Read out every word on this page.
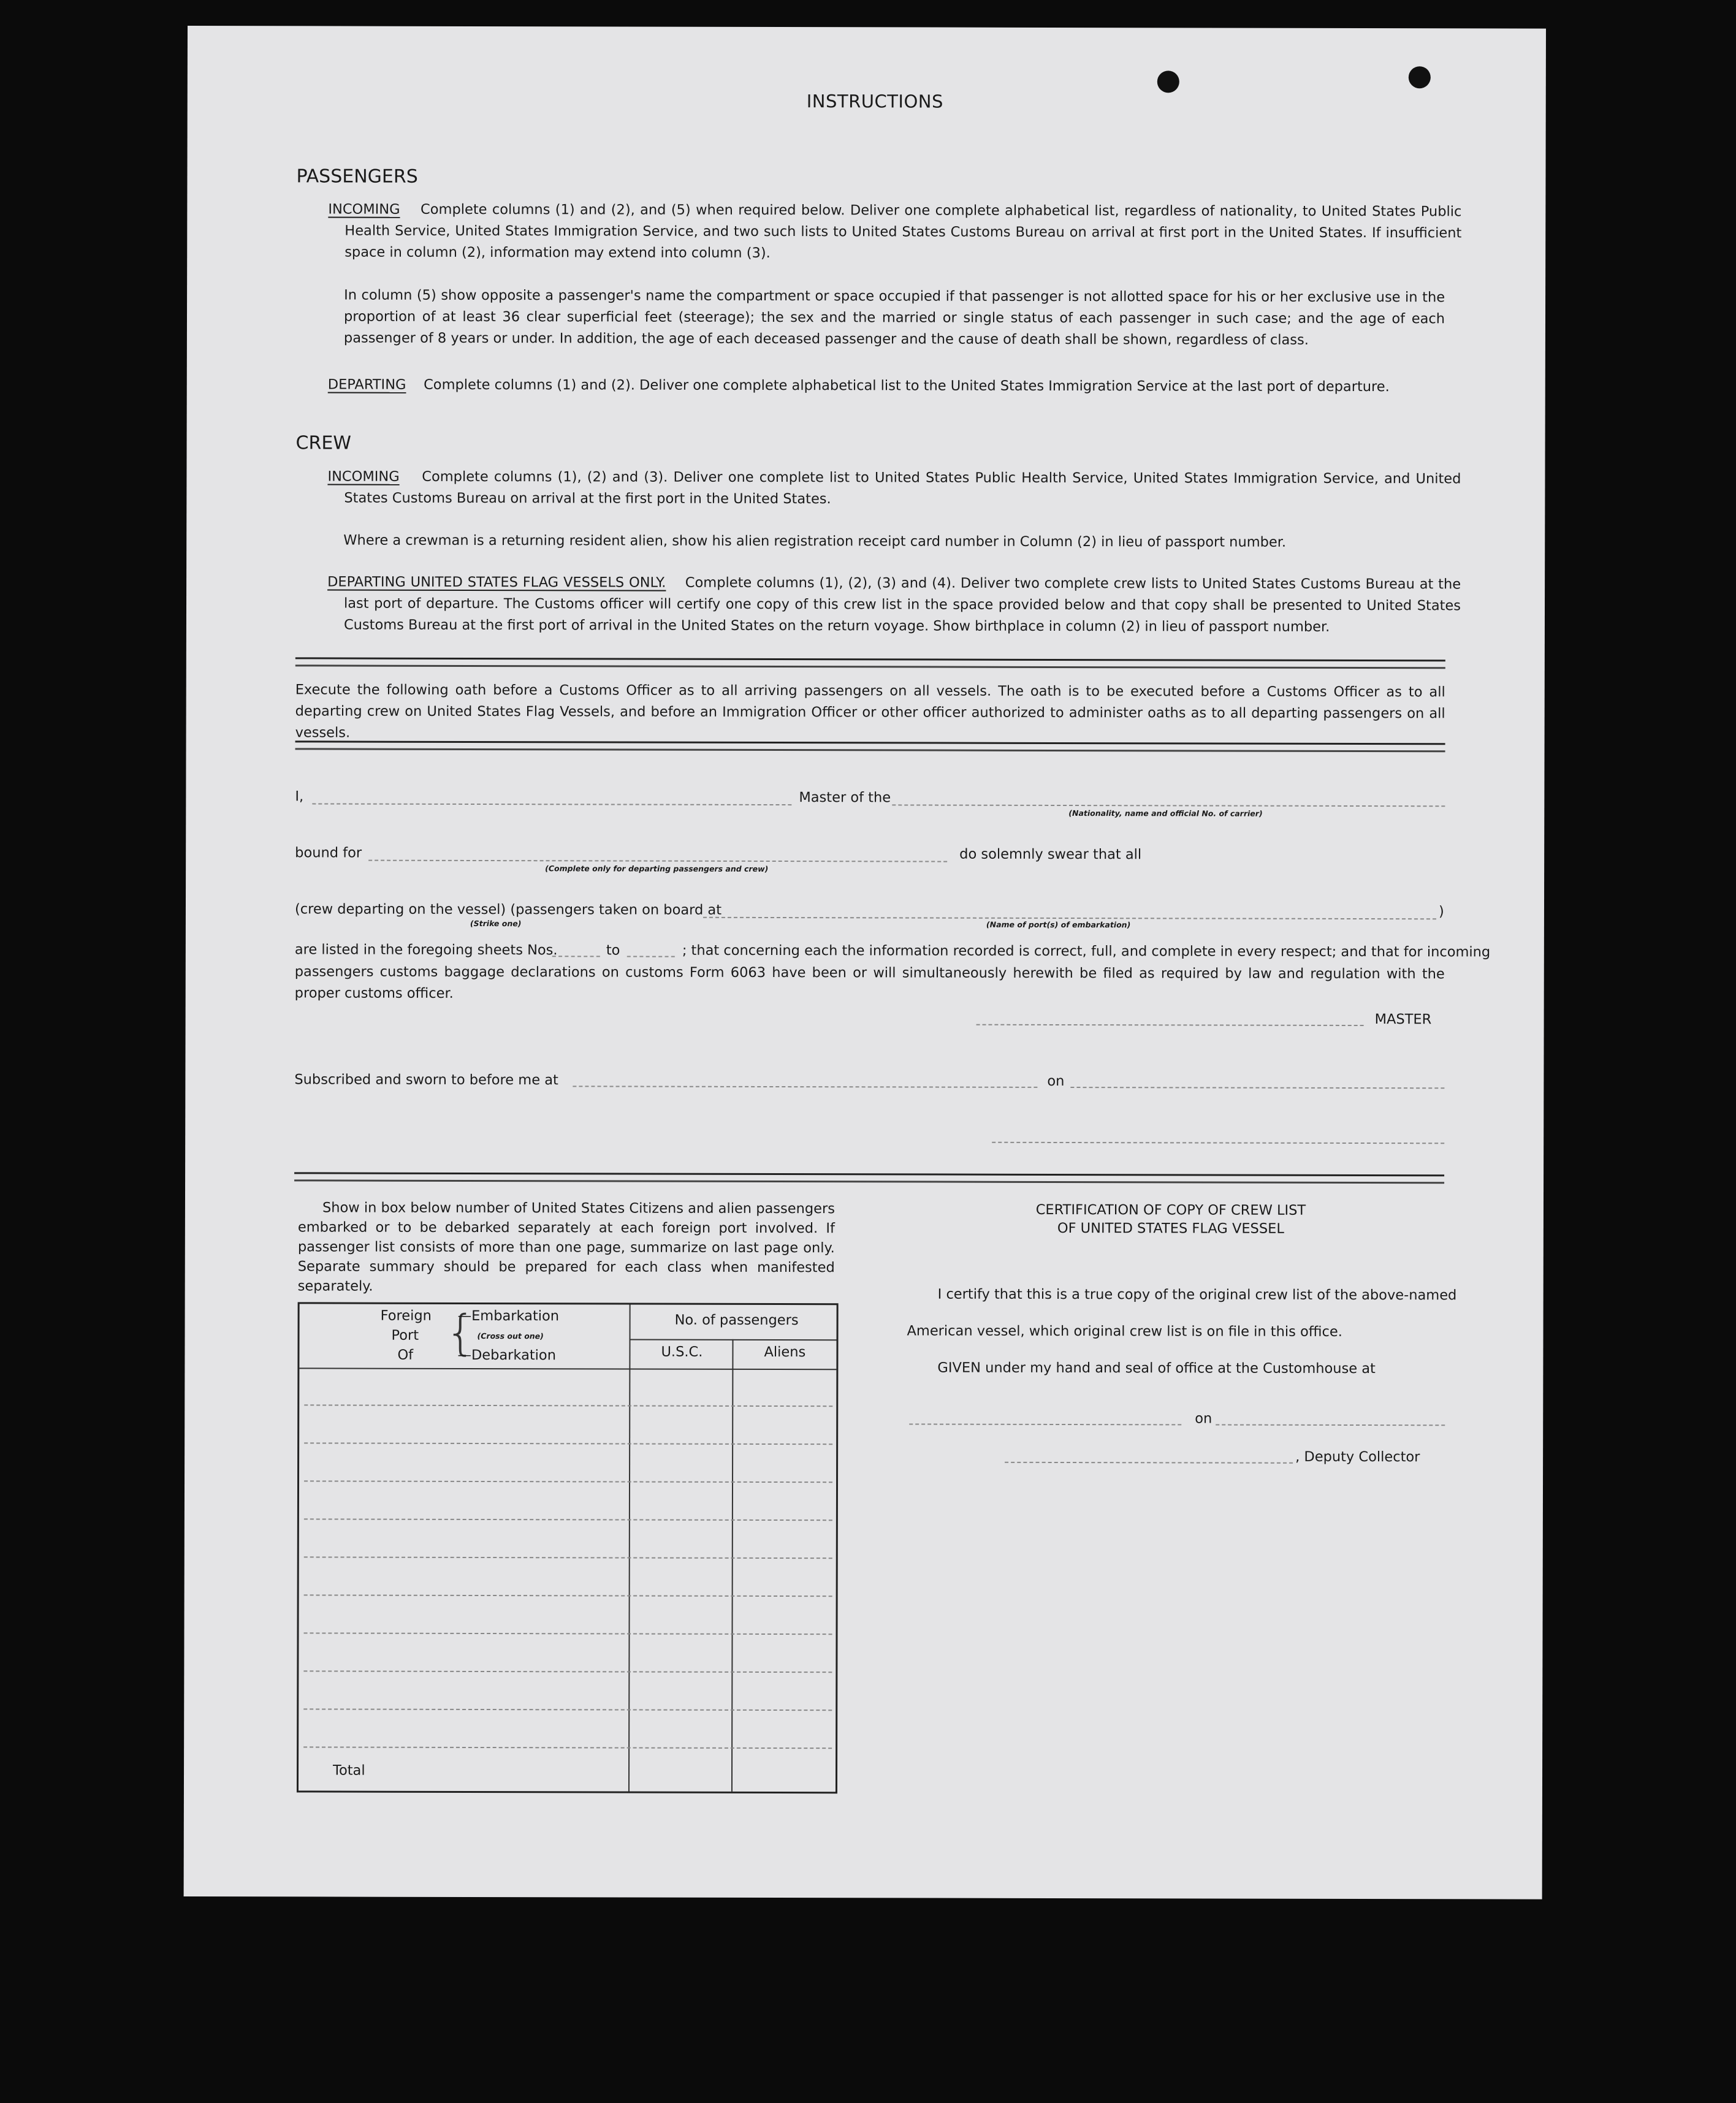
INSTRUCTIONS
PASSENGERS
INCOMING Complete columns (1) and (2), and (5) when required below. Deliver one complete alphabetical list, regardless of nationality, to United States Public Health Service, United States Immigration Service, and two such lists to United States Customs Bureau on arrival at first port in the United States. If insufficient space in column (2), information may extend into column (3).
In column (5) show opposite a passenger's name the compartment or space occupied if that passenger is not allotted space for his or her exclusive use in the proportion of at least 36 clear superficial feet (steerage); the sex and the married or single status of each passenger in such case; and the age of each passenger of 8 years or under. In addition, the age of each deceased passenger and the cause of death shall be shown, regardless of class.
DEPARTING Complete columns (1) and (2). Deliver one complete alphabetical list to the United States Immigration Service at the last port of departure.
CREW
INCOMING Complete columns (1), (2) and (3). Deliver one complete list to United States Public Health Service, United States Immigration Service, and United States Customs Bureau on arrival at the first port in the United States.
Where a crewman is a returning resident alien, show his alien registration receipt card number in Column (2) in lieu of passport number.
DEPARTING UNITED STATES FLAG VESSELS ONLY. Complete columns (1), (2), (3) and (4). Deliver two complete crew lists to United States Customs Bureau at the last port of departure. The Customs officer will certify one copy of this crew list in the space provided below and that copy shall be presented to United States Customs Bureau at the first port of arrival in the United States on the return voyage. Show birthplace in column (2) in lieu of passport number.
Execute the following oath before a Customs Officer as to all arriving passengers on all vessels. The oath is to be executed before a Customs Officer as to all departing crew on United States Flag Vessels, and before an Immigration Officer or other officer authorized to administer oaths as to all departing passengers on all vessels.
I,	Master of the
(Nationality, name and official No. of carrier)
bound for
(Complete only for departing passengers and crew)
do solemnly swear that all
(crew departing on the vessel) (passengers taken on board at
(Strike one)	(Name of port(s) of embarkation)
)
are listed in the foregoing sheets Nos.	to	; that concerning each the information recorded is correct, full, and complete in every respect; and that for incoming
passengers customs baggage declarations on customs Form 6063 have been or will simultaneously herewith be filed as required by law and regulation with the proper customs officer.
MASTER
Subscribed and sworn to before me at	on
Show in box below number of United States Citizens and alien passengers embarked or to be debarked separately at each foreign port involved. If passenger list consists of more than one page, summarize on last page only. Separate summary should be prepared for each class when manifested separately.
Foreign
Port
Of {
—Embarkation
(Cross out one)
—Debarkation
No. of passengers
U.S.C.	Aliens
Total
CERTIFICATION OF COPY OF CREW LIST
OF UNITED STATES FLAG VESSEL
I certify that this is a true copy of the original crew list of the above-named
American vessel, which original crew list is on file in this office.
GIVEN under my hand and seal of office at the Customhouse at
on
, Deputy Collector
